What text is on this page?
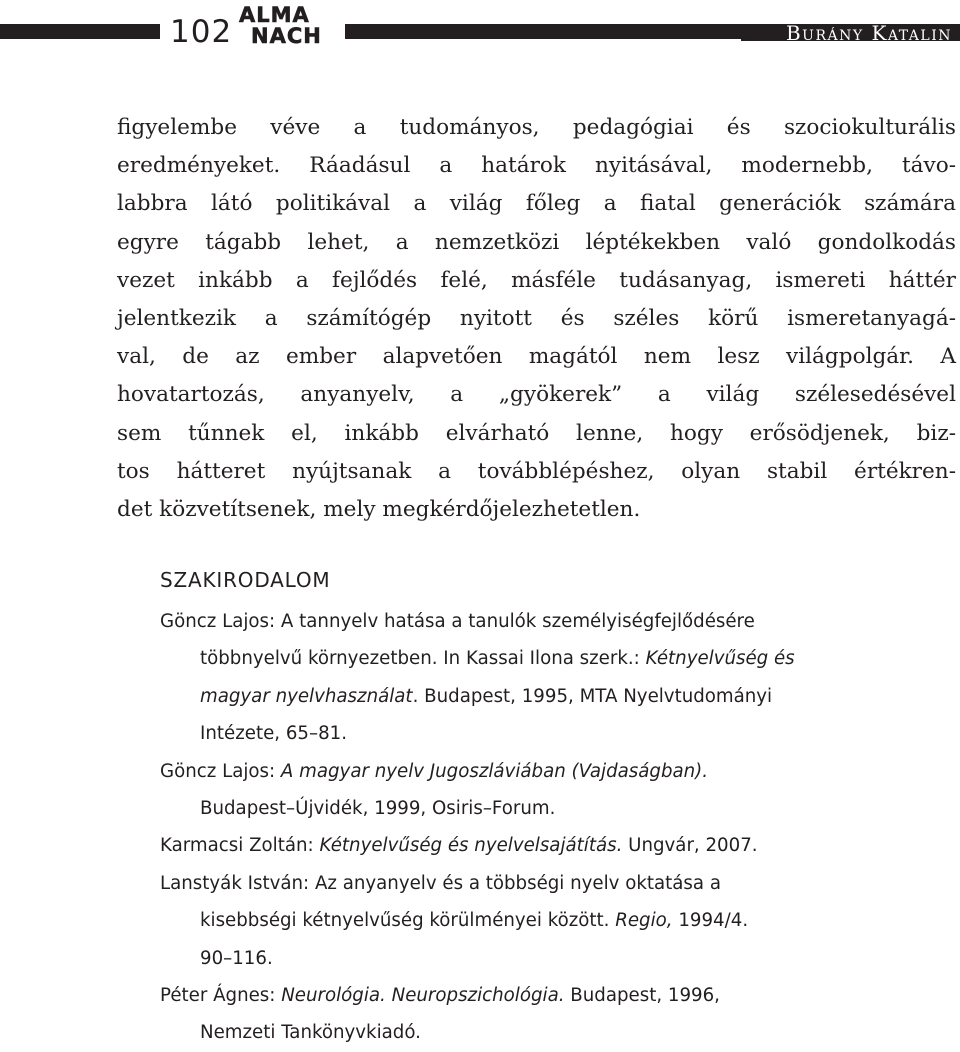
102 ALMA
NACH	Burány Katalin
figyelembe véve a tudományos, pedagógiai és szociokulturális
eredményeket. Ráadásul a határok nyitásával, modernebb, távo-
labbra látó politikával a világ főleg a fiatal generációk számára
egyre tágabb lehet, a nemzetközi léptékekben való gondolkodás
vezet inkább a fejlődés felé, másféle tudásanyag, ismereti háttér
jelentkezik a számítógép nyitott és széles körű ismeretanyagá-
val, de az ember alapvetően magától nem lesz világpolgár. A
hovatartozás, anyanyelv, a „gyökerek” a világ szélesedésével
sem tűnnek el, inkább elvárható lenne, hogy erősödjenek, biz-
tos hátteret nyújtsanak a továbblépéshez, olyan stabil értékren-
det közvetítsenek, mely megkérdőjelezhetetlen.
SZAKIRODALOM
Göncz Lajos: A tannyelv hatása a tanulók személyiségfejlődésére
többnyelvű környezetben. In Kassai Ilona szerk.: Kétnyelvűség és
magyar nyelvhasználat. Budapest, 1995, MTA Nyelvtudományi
Intézete, 65–81.
Göncz Lajos: A magyar nyelv Jugoszláviában (Vajdaságban).
Budapest–Újvidék, 1999, Osiris–Forum.
Karmacsi Zoltán: Kétnyelvűség és nyelvelsajátítás. Ungvár, 2007.
Lanstyák István: Az anyanyelv és a többségi nyelv oktatása a
kisebbségi kétnyelvűség körülményei között. Regio, 1994/4.
90–116.
Péter Ágnes: Neurológia. Neuropszichológia. Budapest, 1996,
Nemzeti Tankönyvkiadó.
